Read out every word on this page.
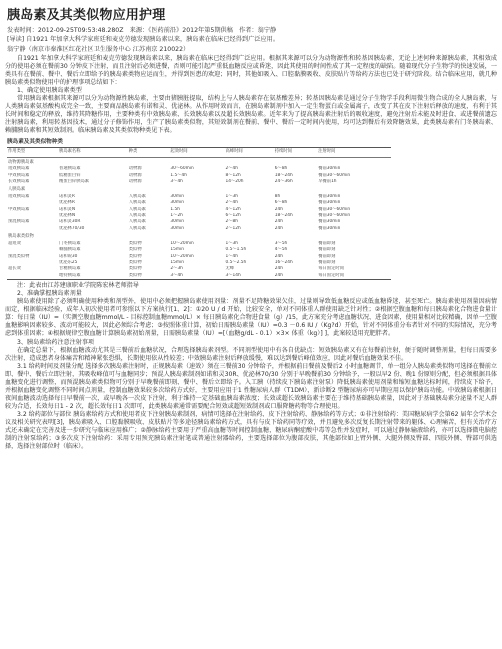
胰岛素及其类似物应用护理
发表时间：2012-09-25T09:53:48.280Z　来源：《医药前沿》2012年第5期供稿　作者：翁宁静
[导读] 自1921 年加拿大科学家班廷和麦克劳德发现胰岛素以来，胰岛素在临床已经得到广泛应用。
翁宁静（南京市秦淮区红花社区卫生服务中心 江苏南京 210022）

自1921 年加拿大科学家班廷和麦克劳德发现胰岛素以来，胰岛素在临床已经得到广泛应用。根据其来源可以分为动物源性和转基因胰岛素，无论上述何种来源胰岛素，其相效成分的使用必须在餐前30 分钟皮下注射，而且注射后必须进餐，否则可能引起严重低血糖反应或昏迷，因此其使用的时间性成了其一定程度的缺陷。随着现代分子生物学的快速发展，一类具有在餐前、餐中、餐后立即给予的胰岛素类物应运而生，并得到医患的欢迎；同时，其他如吸入、口腔黏膜吸收、皮肤贴片等给药方法也已处于研究阶段。结合临床应用，就几种胰岛素类似物使用中的护理事项总结如下：

1、确定使用胰岛素类型

常用胰岛素根据其来源可以分为动物源性胰岛素，主要由猪胰脏提取，结构上与人胰岛素存在氨基酸差异；转基因胰岛素是通过分子生物学手段利用微生物合成的全人胰岛素，与人类胰岛素氨基酸构成完全一致，主要商品胰岛素有诺和灵、优泌林。从作用时效而言，在胰岛素制剂中加入一定生物蛋白或金属离子，改变了其在皮下注射后释放的速度，有利于其长时间和稳定的释放，维持其降糖作用，主要种类有中效胰岛素、长效胰岛素以及超长效胰岛素。近年来为了提高胰岛素注射后的吸收速度，避免注射后未能及时进食、或进餐前遗忘注射胰岛素，利用转基因技术，通过分子修饰作用，生产了胰岛素类似物，其短效制剂在餐前、餐中、餐后一定时间内使用，均可达到餐后有效降糖效果，此类胰岛素有门冬胰岛素、赖脯胰岛素和其短效制剂。临床胰岛素及其类似物种类见下表。

胰岛素及其类似物种类
作用类型	胰岛素名称	种类	起效时间	高峰时间	持续时间	注射时间
动物源胰岛素						
短效胰岛素	普通胰岛素	动物源	30～60min	2～4h	6～8h	餐前30min
中效胰岛素	低精蛋白锌	动物源	1.5～4h	8～12h	18～24h	餐前30～60min
长效胰岛素	精蛋白锌胰岛素	动物源	3～4h	14～20h	24～36h	早餐前1h
人胰岛素						
短效胰岛素	诺和灵R	人胰岛素	30min	1～3h	8h	餐前30min
	优泌林R	人胰岛素	30min	2～4h	6～8h	餐前30min
中效胰岛素	诺和灵N	人胰岛素	1.5h	4～12h	24h	餐前30～60min
	优泌林N	人胰岛素	1～2h	6～12h	18～24h	餐前30～60min
预混胰岛素	诺和灵30R	人胰岛素	30min	2～8h	24h	餐前30min
	优泌林70/30	人胰岛素	30min	2～12h	24h	餐前30min
胰岛素类似物						
超短效	门冬胰岛素	类似物	10～20min	1～3h	3～5h	餐前即刻
	赖脯胰岛素	类似物	15min	0.5～1.5h	4～5h	餐前即刻
预混类似物	诺和锐30	类似物	10～20min	1～4h	24h	餐前即刻
	优泌乐25	类似物	15min	0.5～2.5h	16～24h	餐前即刻
超长效	甘精胰岛素	类似物	2～3h	无峰	24h	每日固定时间
	地特胰岛素	类似物	3～4h	3～14h	24h	每日固定时间
注：此表由江苏建康职业学院陈宏林老师指导
2、准确掌握胰岛素剂量

胰岛素使用除了必须明确使用种类和剂型外，使用中必须把握胰岛素使用剂量：剂量不足降糖效果欠佳，过量则导致低血糖反应或低血糖昏迷，甚至死亡。胰岛素使用剂量因病情而定，根据临床经验，成年人初次使用者可参照以下方案执行[1、2]：①20 U / d 开始，比较安全，单对不同体重人群使用缺乏针对性；②根据空腹血糖和每日胰岛素化合物进食量计算：每日量（IU）=（实测空腹血糖mmol/L - 目标控制血糖mmol/L）× 每日胰岛素化合物进食量（g）/15，此方案充分考虑血糖状况、进食因素，使用量相对比较精确，因单一空腹血糖影响因素较多、波动可能较大，因此必须综合考虑；③按照体重计算，初始日需胰岛素量（IU）=0.3 －0.6 IU /（Kg?d）开始，针对不同体重分布者针对不同的实际情况，充分考虑到体重因素；④根据规律空腹血糖计算胰岛素初始剂量，日需胰岛素量（IU）=[（血糖g/dL - 0.1）×3× 体重（kg）] ]，此案较适用充肥胖者。

3、胰岛素给药注意注射事项

在确定总量下，根据血糖波动尤其是三餐前后血糖状况，合理选择胰岛素剂型。不同剂型使用中有各自优缺点：短效胰岛素又有在每餐前注射，便于随时调整剂量，但每日需要多次注射，造成患者身体痛苦和精神紧张恐惧，长期使用依从性较差；中效胰岛素注射后释放缓慢，难以达到餐后峰值效应，因此对餐后血糖效果不佳。

3.1 给药时间及剂量分配 选择多次胰岛素注射时，正规胰岛素（速效）须在三餐前30 分钟给予，并根据前日餐前及餐后2 小时血糖调节，单一组分人胰岛素类似物可选择在餐前立即、餐中、餐后立即注射，其吸收峰值可与血糖同步；预混人胰岛素制剂如诺和灵30R、优泌林70/30 分别于早晚餐前30 分钟给予，一般以早2 份、晚1 份原则分配，但必须根据具体血糖变化进行调整，而预混胰岛素类似物可分别于早晚餐前即刻、餐中、餐后立即给予。入工胰（持续皮下胰岛素注射泵）降低胰岛素使用剂量和缩短血糖达标时间，持续皮下给予，并根据血糖变化调整不同时间点剂量，控制血糖效果较多次给药方式好，主要用应用于1 性糖尿病人群（T1DM），新诊断2 型糖尿病亦可早期应用以保护胰岛功能。中效胰岛素根据日夜间血糖波动选择每日早餐前一次，或早晚各一次皮下注射，利于维持一定基础血胰岛素浓度；长效或超长效胰岛素主要在于维持基础胰岛素量，因此对于基础胰岛素分泌量不足人群较为合适，长效每日1 - 2 次，超长效每日1 次即可，此类胰岛素通常需要配合短效或超短效制剂或口服降糖药物等合理使用。

3.2 给药部位与部位 胰岛素给药方式和使用者皮下注射胰岛素制剂，病情可选择在注射给药、皮下注射给药、静脉给药等方式；①非注射给药：美国糖尿病学会第62 届年会学术会议及相关研究表明[3]，胰岛素吸入、口腔黏膜吸收、皮肤贴片等多途径胰岛素给药方式，具有与皮下给药同等疗效，并且避免多次反复长期注射带来的躯体、心理痛苦，但有关治疗方式还未确定在完善及进一步研究与临床应用推广；②静脉给药主要用于严重高血糖等时间控制血糖，糖尿病酮症酸中毒等急性并发症时，可以通过静脉输液给药，亦可以选择微电脑控制的注射泵给药；③多次皮下注射给药：采用专用预充胰岛素注射笔或普通注射器给药，主要选择部位为腹部皮肤，其他部位如上臂外侧、大腿外侧及臀部、四肢外侧、臀部可供选择，选择注射部位时（临床）。
